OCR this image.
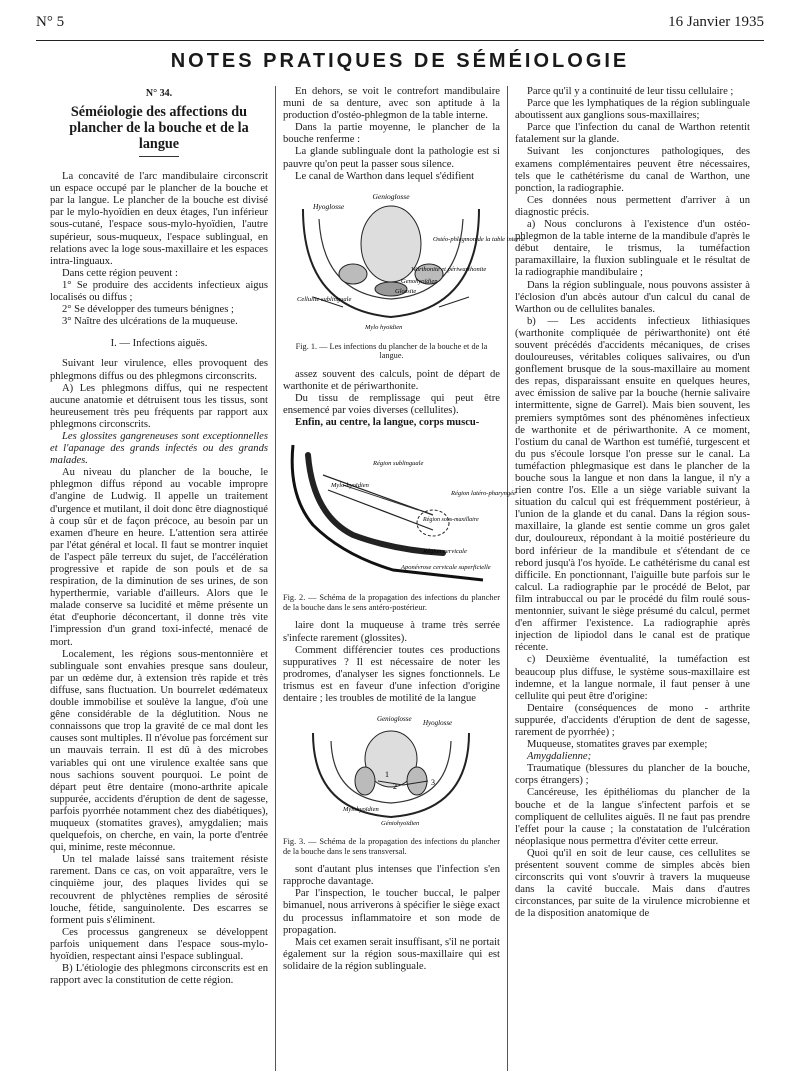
N° 5	16 Janvier 1935
NOTES PRATIQUES DE SÉMÉIOLOGIE

N° 34.

Séméiologie des affections du plancher de la bouche et de la langue

La concavité de l'arc mandibulaire circonscrit un espace occupé par le plancher de la bouche et par la langue. Le plancher de la bouche est divisé par le mylo-hyoïdien en deux étages, l'un inférieur sous-cutané, l'espace sous-mylo-hyoïdien, l'autre supérieur, sous-muqueux, l'espace sublingual, en relations avec la loge sous-maxillaire et les espaces intra-linguaux.

Dans cette région peuvent :

1° Se produire des accidents infectieux aigus localisés ou diffus ;

2° Se développer des tumeurs bénignes ;

3° Naître des ulcérations de la muqueuse.

I. — Infections aiguës.

Suivant leur virulence, elles provoquent des phlegmons diffus ou des phlegmons circonscrits.

A) Les phlegmons diffus, qui ne respectent aucune anatomie et détruisent tous les tissus, sont heureusement très peu fréquents par rapport aux phlegmons circonscrits.

Les glossites gangreneuses sont exceptionnelles et l'apanage des grands infectés ou des grands malades.

Au niveau du plancher de la bouche, le phlegmon diffus répond au vocable impropre d'angine de Ludwig. Il appelle un traitement d'urgence et mutilant, il doit donc être diagnostiqué à coup sûr et de façon précoce, au besoin par un examen d'heure en heure. L'attention sera attirée par l'état général et local. Il faut se montrer inquiet de l'aspect pâle terreux du sujet, de l'accélération progressive et rapide de son pouls et de sa respiration, de la diminution de ses urines, de son hyperthermie, variable d'ailleurs. Alors que le malade conserve sa lucidité et même présente un état d'euphorie déconcertant, il donne très vite l'impression d'un grand toxi-infecté, menacé de mort.

Localement, les régions sous-mentonnière et sublinguale sont envahies presque sans douleur, par un œdème dur, à extension très rapide et très diffuse, sans fluctuation. Un bourrelet œdémateux double immobilise et soulève la langue, d'où une gêne considérable de la déglutition. Nous ne connaissons que trop la gravité de ce mal dont les causes sont multiples. Il n'évolue pas forcément sur un mauvais terrain. Il est dû à des microbes variables qui ont une virulence exaltée sans que nous sachions souvent pourquoi. Le point de départ peut être dentaire (mono-arthrite apicale suppurée, accidents d'éruption de dent de sagesse, parfois pyorrhée notamment chez des diabétiques), muqueux (stomatites graves), amygdalien; mais quelquefois, on cherche, en vain, la porte d'entrée qui, minime, reste méconnue.

Un tel malade laissé sans traitement résiste rarement. Dans ce cas, on voit apparaître, vers le cinquième jour, des plaques livides qui se recouvrent de phlyctènes remplies de sérosité louche, fétide, sanguinolente. Des escarres se forment puis s'éliminent.

Ces processus gangreneux se développent parfois uniquement dans l'espace sous-mylo-hyoïdien, respectant ainsi l'espace sublingual.

B) L'étiologie des phlegmons circonscrits est en rapport avec la constitution de cette région.

En dehors, se voit le contrefort mandibulaire muni de sa denture, avec son aptitude à la production d'ostéo-phlegmon de la table interne.

Dans la partie moyenne, le plancher de la bouche renferme :

La glande sublinguale dont la pathologie est si pauvre qu'on peut la passer sous silence.

Le canal de Warthon dans lequel s'édifient

Genioglosse
Hyoglosse
Ostéo-phlegmon de la table interne
Warthonite et périwarthonite
Genohyoïdien
Cellulite sublinguale
Glossite
Mylo hyoïdien

Fig. 1. — Les infections du plancher de la bouche et de la langue.

assez souvent des calculs, point de départ de warthonite et de périwarthonite.

Du tissu de remplissage qui peut être ensemencé par voies diverses (cellulites).

Enfin, au centre, la langue, corps muscu-

Région sublinguale
Mylo-hyoïdien
Région latéro-pharyngée
Région sous-maxillaire
Région cervicale
Aponévrose cervicale superficielle

Fig. 2. — Schéma de la propagation des infections du plancher de la bouche dans le sens antéro-postérieur.

laire dont la muqueuse à trame très serrée s'infecte rarement (glossites).

Comment différencier toutes ces productions suppuratives ? Il est nécessaire de noter les prodromes, d'analyser les signes fonctionnels. Le trismus est en faveur d'une infection d'origine dentaire ; les troubles de motilité de la langue

Genioglosse Hyoglosse
Mylohyoïdien
Géniohyoïdien
1
2	3

Fig. 3. — Schéma de la propagation des infections du plancher de la bouche dans le sens transversal.

sont d'autant plus intenses que l'infection s'en rapproche davantage.

Par l'inspection, le toucher buccal, le palper bimanuel, nous arriverons à spécifier le siège exact du processus inflammatoire et son mode de propagation.

Mais cet examen serait insuffisant, s'il ne portait également sur la région sous-maxillaire qui est solidaire de la région sublinguale.

Parce qu'il y a continuité de leur tissu cellulaire ;

Parce que les lymphatiques de la région sublinguale aboutissent aux ganglions sous-maxillaires;

Parce que l'infection du canal de Warthon retentit fatalement sur la glande.

Suivant les conjonctures pathologiques, des examens complémentaires peuvent être nécessaires, tels que le cathétérisme du canal de Warthon, une ponction, la radiographie.

Ces données nous permettent d'arriver à un diagnostic précis.

a) Nous conclurons à l'existence d'un ostéo-phlegmon de la table interne de la mandibule d'après le début dentaire, le trismus, la tuméfaction paramaxillaire, la fluxion sublinguale et le résultat de la radiographie mandibulaire ;

Dans la région sublinguale, nous pouvons assister à l'éclosion d'un abcès autour d'un calcul du canal de Warthon ou de cellulites banales.

b) — Les accidents infectieux lithiasiques (warthonite compliquée de périwarthonite) ont été souvent précédés d'accidents mécaniques, de crises douloureuses, véritables coliques salivaires, ou d'un gonflement brusque de la sous-maxillaire au moment des repas, disparaissant ensuite en quelques heures, avec émission de salive par la bouche (hernie salivaire intermittente, signe de Garrel). Mais bien souvent, les premiers symptômes sont des phénomènes infectieux de warthonite et de périwarthonite. A ce moment, l'ostium du canal de Warthon est tuméfié, turgescent et du pus s'écoule lorsque l'on presse sur le canal. La tuméfaction phlegmasique est dans le plancher de la bouche sous la langue et non dans la langue, il n'y a rien contre l'os. Elle a un siège variable suivant la situation du calcul qui est fréquemment postérieur, à l'union de la glande et du canal. Dans la région sous-maxillaire, la glande est sentie comme un gros galet dur, douloureux, répondant à la moitié postérieure du bord inférieur de la mandibule et s'étendant de ce rebord jusqu'à l'os hyoïde. Le cathétérisme du canal est difficile. En ponctionnant, l'aiguille bute parfois sur le calcul. La radiographie par le procédé de Belot, par film intrabuccal ou par le procédé du film roulé sous-mentonnier, suivant le siège présumé du calcul, permet d'en affirmer l'existence. La radiographie après injection de lipiodol dans le canal est de pratique récente.

c) Deuxième éventualité, la tuméfaction est beaucoup plus diffuse, le système sous-maxillaire est indemne, et la langue normale, il faut penser à une cellulite qui peut être d'origine:

Dentaire (conséquences de mono - arthrite suppurée, d'accidents d'éruption de dent de sagesse, rarement de pyorrhée) ;

Muqueuse, stomatites graves par exemple;

Amygdalienne;

Traumatique (blessures du plancher de la bouche, corps étrangers) ;

Cancéreuse, les épithéliomas du plancher de la bouche et de la langue s'infectent parfois et se compliquent de cellulites aiguës. Il ne faut pas prendre l'effet pour la cause ; la constatation de l'ulcération néoplasique nous permettra d'éviter cette erreur.

Quoi qu'il en soit de leur cause, ces cellulites se présentent souvent comme de simples abcès bien circonscrits qui vont s'ouvrir à travers la muqueuse dans la cavité buccale. Mais dans d'autres circonstances, par suite de la virulence microbienne et de la disposition anatomique de
